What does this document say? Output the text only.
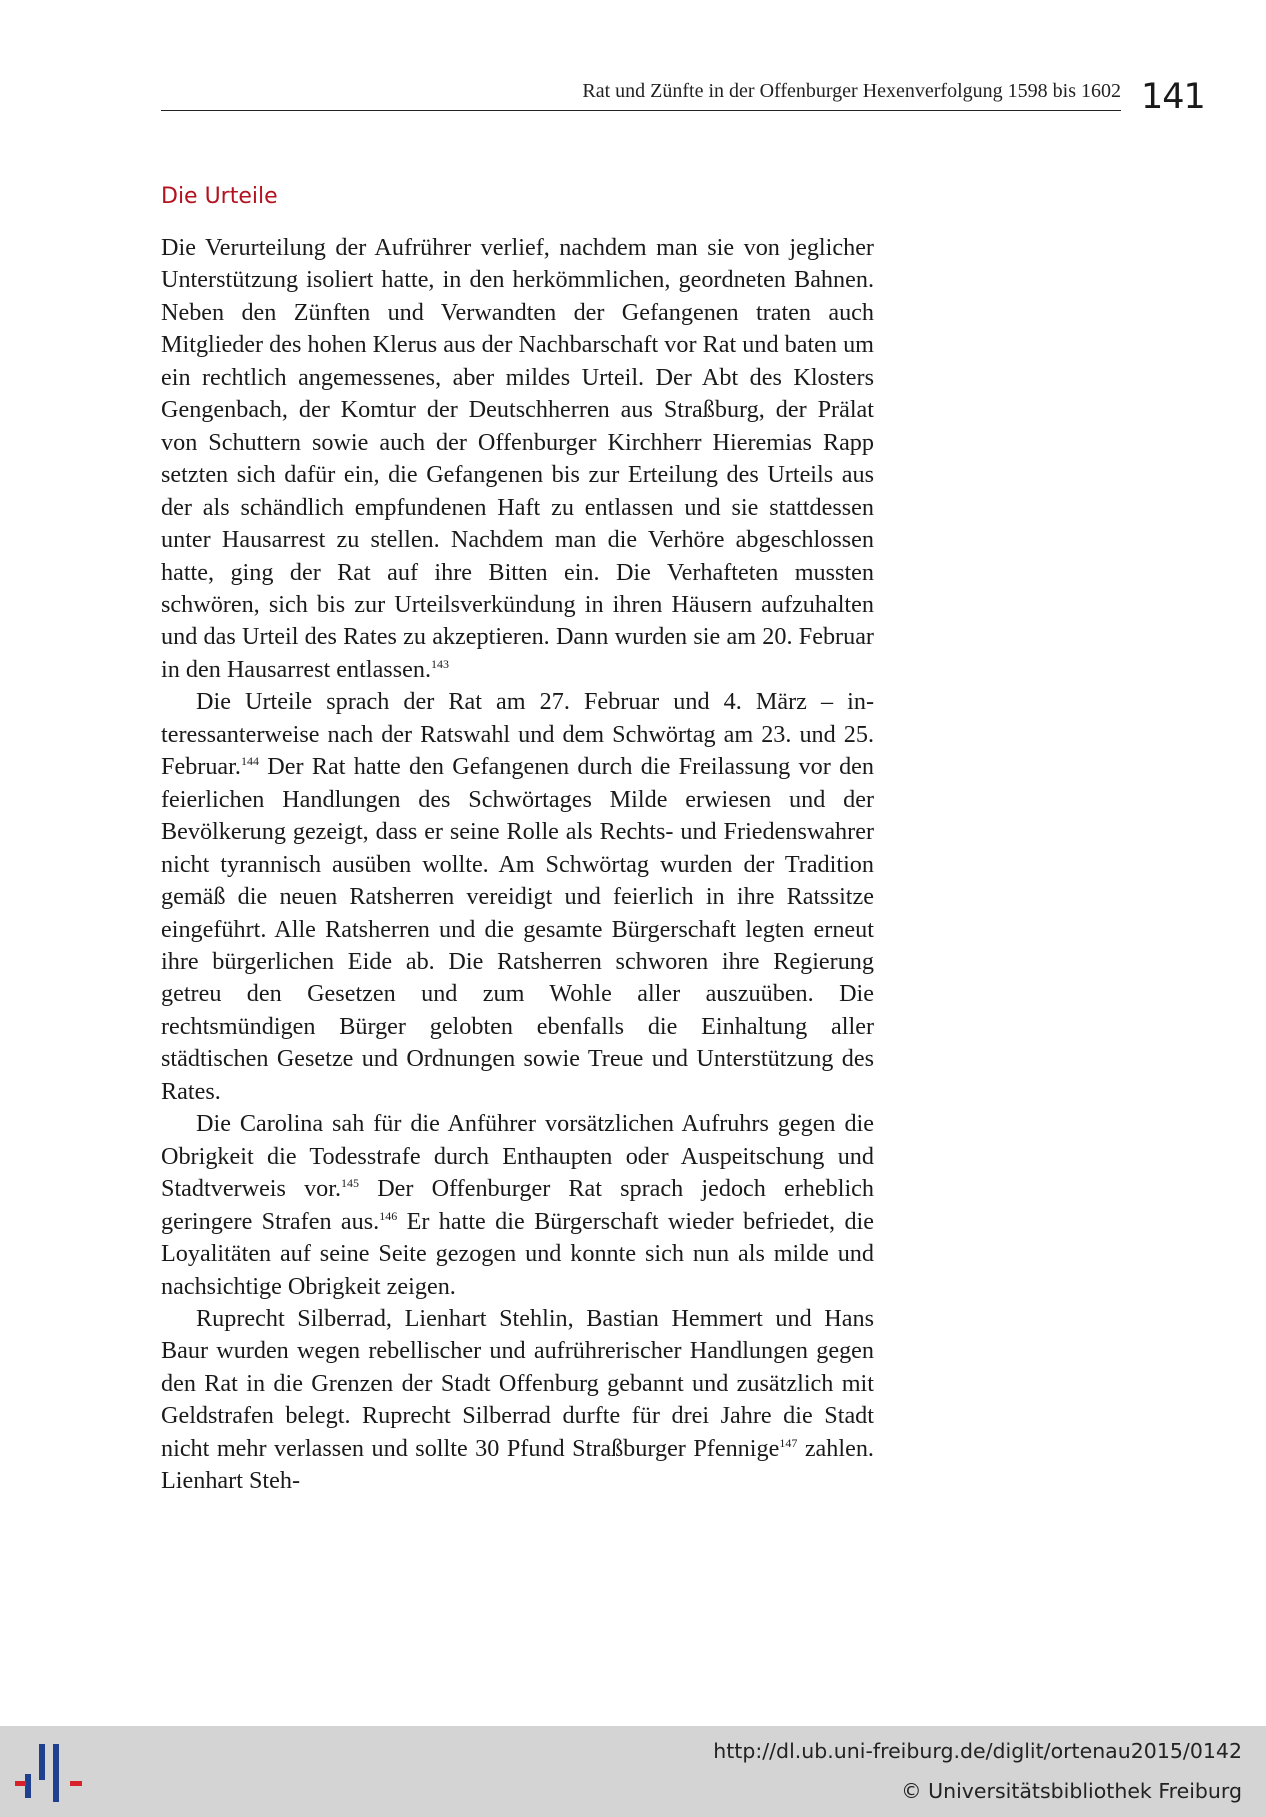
Rat und Zünfte in der Offenburger Hexenverfolgung 1598 bis 1602 141
Die Urteile

Die Verurteilung der Aufrührer verlief, nachdem man sie von jeglicher Unterstützung isoliert hatte, in den herkömmlichen, geordneten Bahnen. Neben den Zünften und Verwandten der Gefangenen traten auch Mitglieder des hohen Klerus aus der Nachbarschaft vor Rat und baten um ein rechtlich angemessenes, aber mildes Urteil. Der Abt des Klosters Gengenbach, der Komtur der Deutschherren aus Straßburg, der Prälat von Schuttern sowie auch der Offenburger Kirchherr Hieremias Rapp setzten sich dafür ein, die Gefangenen bis zur Erteilung des Urteils aus der als schändlich empfundenen Haft zu entlassen und sie stattdessen unter Hausarrest zu stellen. Nachdem man die Verhöre abgeschlossen hatte, ging der Rat auf ihre Bitten ein. Die Verhafteten mussten schwören, sich bis zur Urteilsverkündung in ihren Häusern aufzuhalten und das Urteil des Rates zu akzeptieren. Dann wurden sie am 20. Februar in den Hausarrest entlassen.$^{143}$

Die Urteile sprach der Rat am 27. Februar und 4. März – interessanterweise nach der Ratswahl und dem Schwörtag am 23. und 25. Februar.$^{144}$ Der Rat hatte den Gefangenen durch die Freilassung vor den feierlichen Handlungen des Schwörtages Milde erwiesen und der Bevölkerung gezeigt, dass er seine Rolle als Rechts- und Friedenswahrer nicht tyrannisch ausüben wollte. Am Schwörtag wurden der Tradition gemäß die neuen Ratsherren vereidigt und feierlich in ihre Ratssitze eingeführt. Alle Ratsherren und die gesamte Bürgerschaft legten erneut ihre bürgerlichen Eide ab. Die Ratsherren schworen ihre Regierung getreu den Gesetzen und zum Wohle aller auszuüben. Die rechtsmündigen Bürger gelobten ebenfalls die Einhaltung aller städtischen Gesetze und Ordnungen sowie Treue und Unterstützung des Rates.

Die Carolina sah für die Anführer vorsätzlichen Aufruhrs gegen die Obrigkeit die Todesstrafe durch Enthaupten oder Auspeitschung und Stadtverweis vor.$^{145}$ Der Offenburger Rat sprach jedoch erheblich geringere Strafen aus.$^{146}$ Er hatte die Bürgerschaft wieder befriedet, die Loyalitäten auf seine Seite gezogen und konnte sich nun als milde und nachsichtige Obrigkeit zeigen.

Ruprecht Silberrad, Lienhart Stehlin, Bastian Hemmert und Hans Baur wurden wegen rebellischer und aufrührerischer Handlungen gegen den Rat in die Grenzen der Stadt Offenburg gebannt und zusätzlich mit Geldstrafen belegt. Ruprecht Silberrad durfte für drei Jahre die Stadt nicht mehr verlassen und sollte 30 Pfund Straßburger Pfennige$^{147}$ zahlen. Lienhart Steh-

http://dl.ub.uni-freiburg.de/diglit/ortenau2015/0142
© Universitätsbibliothek Freiburg
